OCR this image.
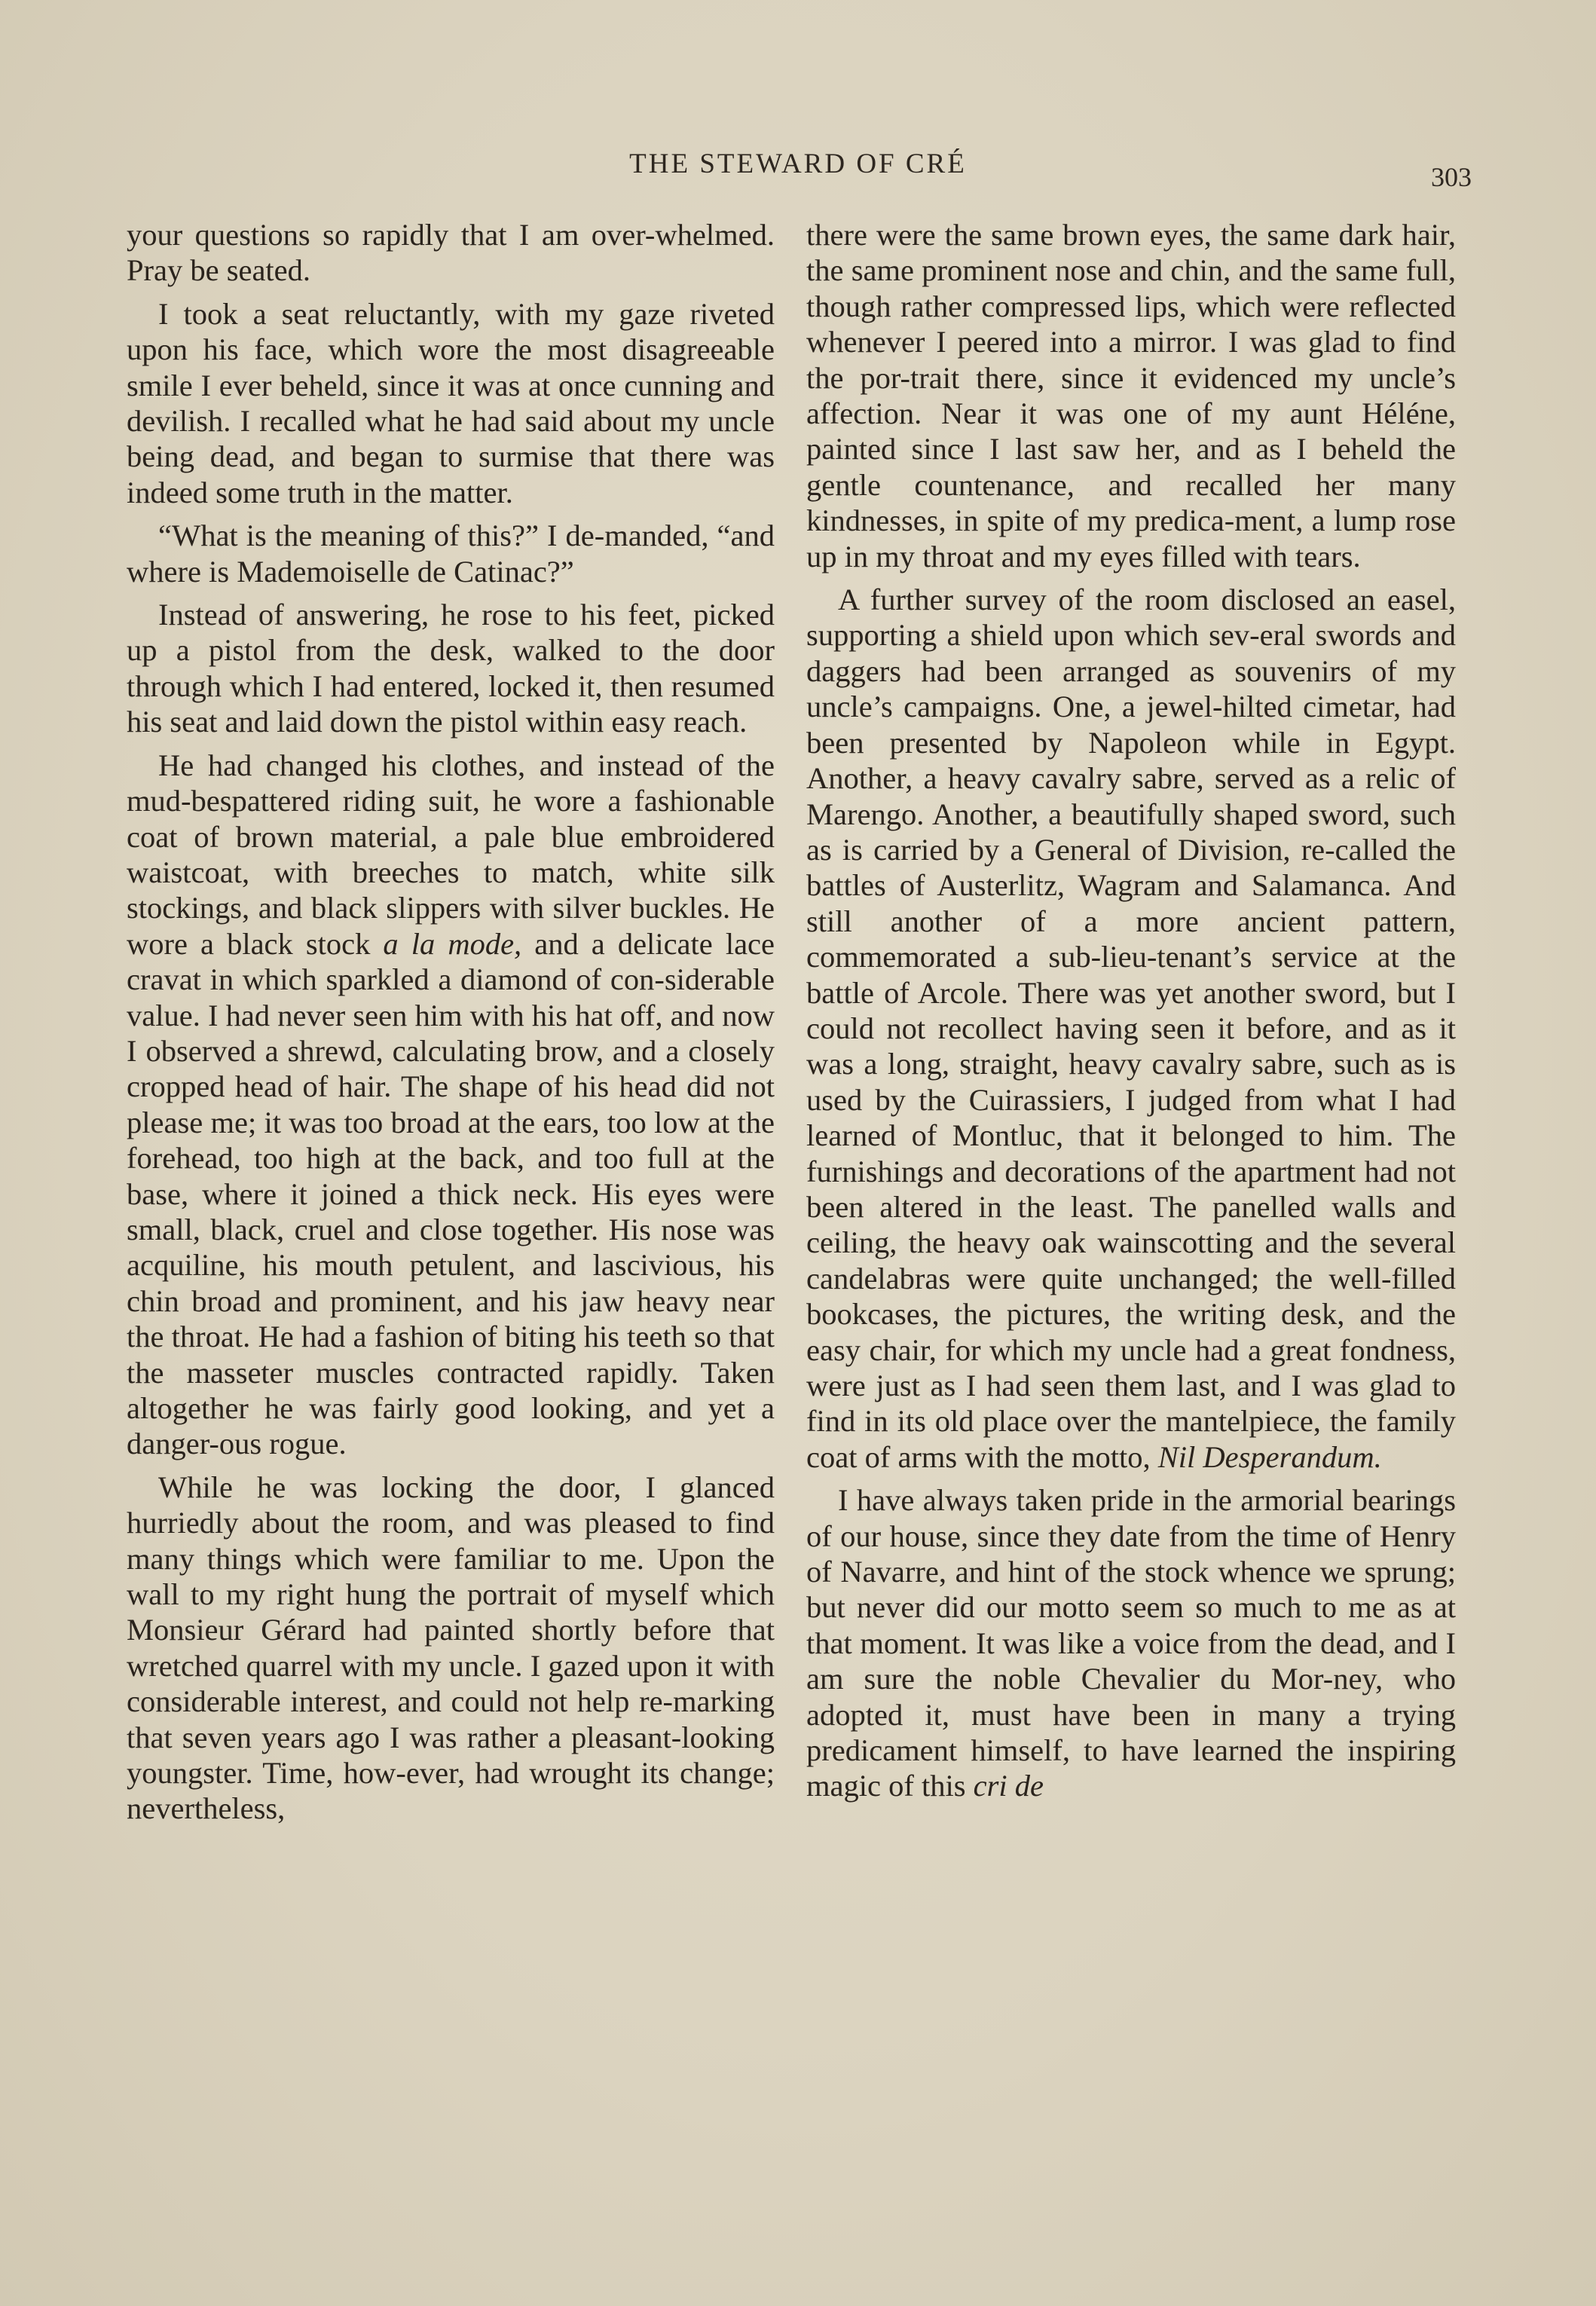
THE STEWARD OF CRÉ	303

your questions so rapidly that I am over-whelmed. Pray be seated.

I took a seat reluctantly, with my gaze riveted upon his face, which wore the most disagreeable smile I ever beheld, since it was at once cunning and devilish. I recalled what he had said about my uncle being dead, and began to surmise that there was indeed some truth in the matter.

“What is the meaning of this?” I de-manded, “and where is Mademoiselle de Catinac?”

Instead of answering, he rose to his feet, picked up a pistol from the desk, walked to the door through which I had entered, locked it, then resumed his seat and laid down the pistol within easy reach.

He had changed his clothes, and instead of the mud-bespattered riding suit, he wore a fashionable coat of brown material, a pale blue embroidered waistcoat, with breeches to match, white silk stockings, and black slippers with silver buckles. He wore a black stock a la mode, and a delicate lace cravat in which sparkled a diamond of con-siderable value. I had never seen him with his hat off, and now I observed a shrewd, calculating brow, and a closely cropped head of hair. The shape of his head did not please me; it was too broad at the ears, too low at the forehead, too high at the back, and too full at the base, where it joined a thick neck. His eyes were small, black, cruel and close together. His nose was acquiline, his mouth petulent, and lascivious, his chin broad and prominent, and his jaw heavy near the throat. He had a fashion of biting his teeth so that the masseter muscles contracted rapidly. Taken altogether he was fairly good looking, and yet a danger-ous rogue.

While he was locking the door, I glanced hurriedly about the room, and was pleased to find many things which were familiar to me. Upon the wall to my right hung the portrait of myself which Monsieur Gérard had painted shortly before that wretched quarrel with my uncle. I gazed upon it with considerable interest, and could not help re-marking that seven years ago I was rather a pleasant-looking youngster. Time, how-ever, had wrought its change; nevertheless,

there were the same brown eyes, the same dark hair, the same prominent nose and chin, and the same full, though rather compressed lips, which were reflected whenever I peered into a mirror. I was glad to find the por-trait there, since it evidenced my uncle’s affection. Near it was one of my aunt Héléne, painted since I last saw her, and as I beheld the gentle countenance, and recalled her many kindnesses, in spite of my predica-ment, a lump rose up in my throat and my eyes filled with tears.

A further survey of the room disclosed an easel, supporting a shield upon which sev-eral swords and daggers had been arranged as souvenirs of my uncle’s campaigns. One, a jewel-hilted cimetar, had been presented by Napoleon while in Egypt. Another, a heavy cavalry sabre, served as a relic of Marengo. Another, a beautifully shaped sword, such as is carried by a General of Division, re-called the battles of Austerlitz, Wagram and Salamanca. And still another of a more ancient pattern, commemorated a sub-lieu-tenant’s service at the battle of Arcole. There was yet another sword, but I could not recollect having seen it before, and as it was a long, straight, heavy cavalry sabre, such as is used by the Cuirassiers, I judged from what I had learned of Montluc, that it belonged to him. The furnishings and decorations of the apartment had not been altered in the least. The panelled walls and ceiling, the heavy oak wainscotting and the several candelabras were quite unchanged; the well-filled bookcases, the pictures, the writing desk, and the easy chair, for which my uncle had a great fondness, were just as I had seen them last, and I was glad to find in its old place over the mantelpiece, the family coat of arms with the motto, Nil Desperandum.

I have always taken pride in the armorial bearings of our house, since they date from the time of Henry of Navarre, and hint of the stock whence we sprung; but never did our motto seem so much to me as at that moment. It was like a voice from the dead, and I am sure the noble Chevalier du Mor-ney, who adopted it, must have been in many a trying predicament himself, to have learned the inspiring magic of this cri de
